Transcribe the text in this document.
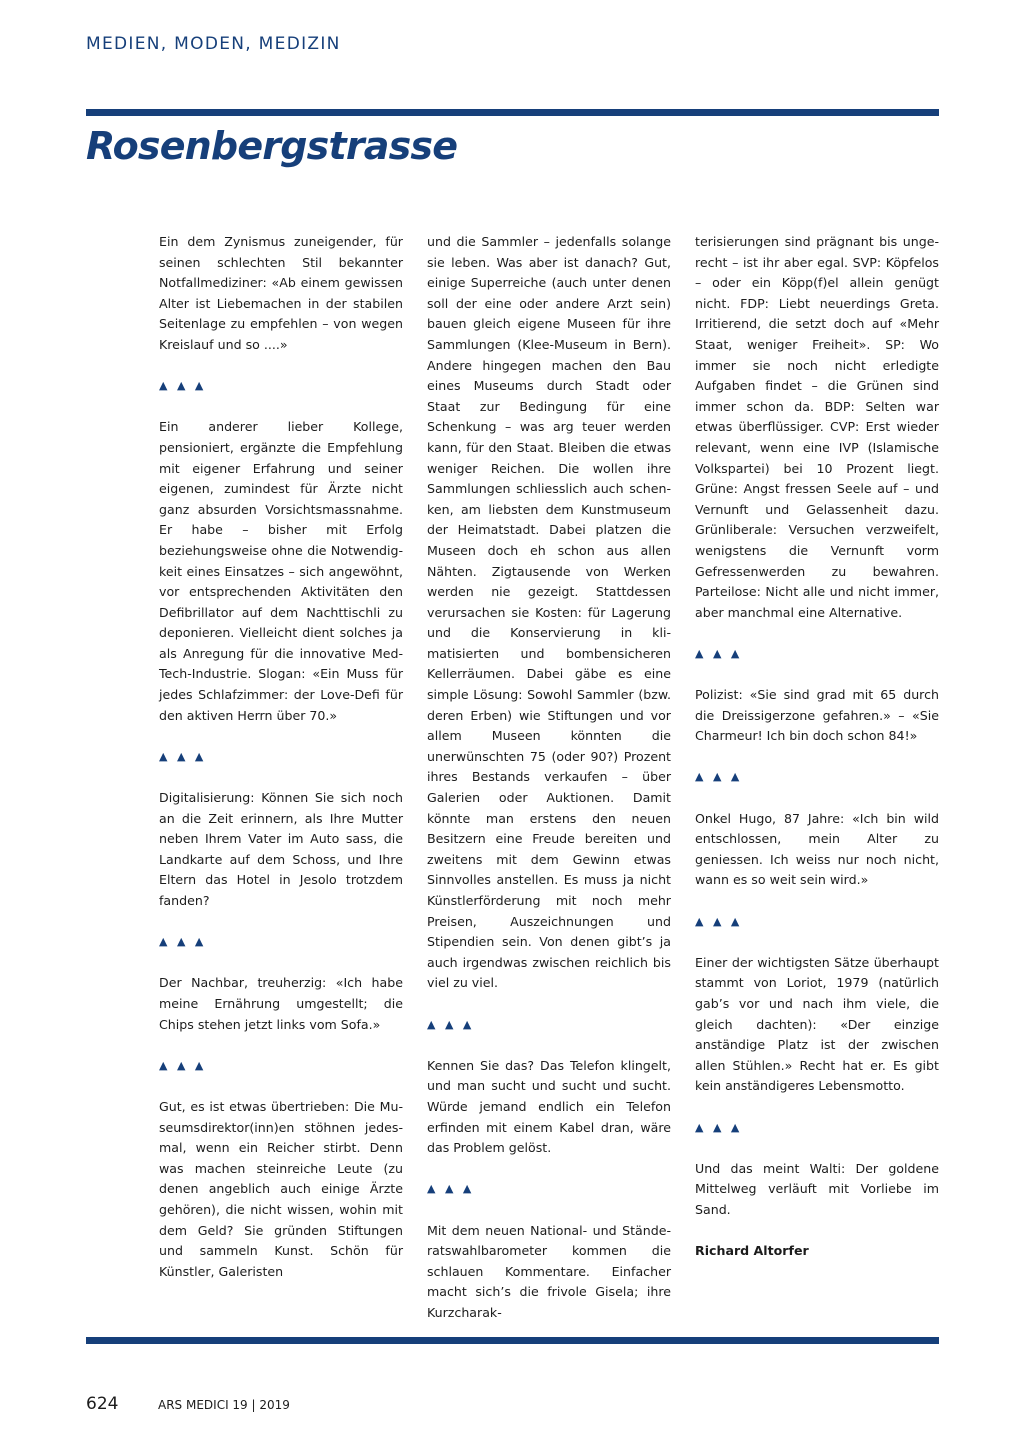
MEDIEN, MODEN, MEDIZIN
Rosenbergstrasse

Ein dem Zynismus zuneigender, für seinen schlechten Stil bekannter Notfallmediziner: «Ab einem gewissen Alter ist Liebemachen in der stabilen Seitenlage zu empfehlen – von wegen Kreislauf und so ....»

▲ ▲ ▲

Ein anderer lieber Kollege, pensioniert, ergänzte die Empfehlung mit eigener Erfahrung und seiner eigenen, zumindest für Ärzte nicht ganz absurden Vorsichtsmassnahme. Er habe – bisher mit Erfolg beziehungsweise ohne die Notwendigkeit eines Einsatzes – sich angewöhnt, vor entsprechenden Aktivitäten den Defibrillator auf dem Nachttischli zu deponieren. Vielleicht dient solches ja als Anregung für die innovative Med-Tech-Industrie. Slogan: «Ein Muss für jedes Schlafzimmer: der Love-Defi für den aktiven Herrn über 70.»

▲ ▲ ▲

Digitalisierung: Können Sie sich noch an die Zeit erinnern, als Ihre Mutter neben Ihrem Vater im Auto sass, die Landkarte auf dem Schoss, und Ihre Eltern das Hotel in Jesolo trotzdem fanden?

▲ ▲ ▲

Der Nachbar, treuherzig: «Ich habe meine Ernährung umgestellt; die Chips stehen jetzt links vom Sofa.»

▲ ▲ ▲

Gut, es ist etwas übertrieben: Die Museumsdirektor(inn)en stöhnen jedesmal, wenn ein Reicher stirbt. Denn was machen steinreiche Leute (zu denen angeblich auch einige Ärzte gehören), die nicht wissen, wohin mit dem Geld? Sie gründen Stiftungen und sammeln Kunst. Schön für Künstler, Galeristen

und die Sammler – jedenfalls solange sie leben. Was aber ist danach? Gut, einige Superreiche (auch unter denen soll der eine oder andere Arzt sein) bauen gleich eigene Museen für ihre Sammlungen (Klee-Museum in Bern). Andere hingegen machen den Bau eines Museums durch Stadt oder Staat zur Bedingung für eine Schenkung – was arg teuer werden kann, für den Staat. Bleiben die etwas weniger Reichen. Die wollen ihre Sammlungen schliesslich auch schenken, am liebsten dem Kunstmuseum der Heimatstadt. Dabei platzen die Museen doch eh schon aus allen Nähten. Zigtausende von Werken werden nie gezeigt. Stattdessen verursachen sie Kosten: für Lagerung und die Konservierung in klimatisierten und bombensicheren Kellerräumen. Dabei gäbe es eine simple Lösung: Sowohl Sammler (bzw. deren Erben) wie Stiftungen und vor allem Museen könnten die unerwünschten 75 (oder 90?) Prozent ihres Bestands verkaufen – über Galerien oder Auktionen. Damit könnte man erstens den neuen Besitzern eine Freude bereiten und zweitens mit dem Gewinn etwas Sinnvolles anstellen. Es muss ja nicht Künstlerförderung mit noch mehr Preisen, Auszeichnungen und Stipendien sein. Von denen gibt’s ja auch irgendwas zwischen reichlich bis viel zu viel.

▲ ▲ ▲

Kennen Sie das? Das Telefon klingelt, und man sucht und sucht und sucht. Würde jemand endlich ein Telefon erfinden mit einem Kabel dran, wäre das Problem gelöst.

▲ ▲ ▲

Mit dem neuen National- und Ständeratswahlbarometer kommen die schlauen Kommentare. Einfacher macht sich’s die frivole Gisela; ihre Kurzcharak-

terisierungen sind prägnant bis ungerecht – ist ihr aber egal. SVP: Köpfelos – oder ein Köpp(f)el allein genügt nicht. FDP: Liebt neuerdings Greta. Irritierend, die setzt doch auf «Mehr Staat, weniger Freiheit». SP: Wo immer sie noch nicht erledigte Aufgaben findet – die Grünen sind immer schon da. BDP: Selten war etwas überflüssiger. CVP: Erst wieder relevant, wenn eine IVP (Islamische Volkspartei) bei 10 Prozent liegt. Grüne: Angst fressen Seele auf – und Vernunft und Gelassenheit dazu. Grünliberale: Versuchen verzweifelt, wenigstens die Vernunft vorm Gefressenwerden zu bewahren. Parteilose: Nicht alle und nicht immer, aber manchmal eine Alternative.

▲ ▲ ▲

Polizist: «Sie sind grad mit 65 durch die Dreissigerzone gefahren.» – «Sie Charmeur! Ich bin doch schon 84!»

▲ ▲ ▲

Onkel Hugo, 87 Jahre: «Ich bin wild entschlossen, mein Alter zu geniessen. Ich weiss nur noch nicht, wann es so weit sein wird.»

▲ ▲ ▲

Einer der wichtigsten Sätze überhaupt stammt von Loriot, 1979 (natürlich gab’s vor und nach ihm viele, die gleich dachten): «Der einzige anständige Platz ist der zwischen allen Stühlen.» Recht hat er. Es gibt kein anständigeres Lebensmotto.

▲ ▲ ▲

Und das meint Walti: Der goldene Mittelweg verläuft mit Vorliebe im Sand.

Richard Altorfer

624	ARS MEDICI 19 | 2019
